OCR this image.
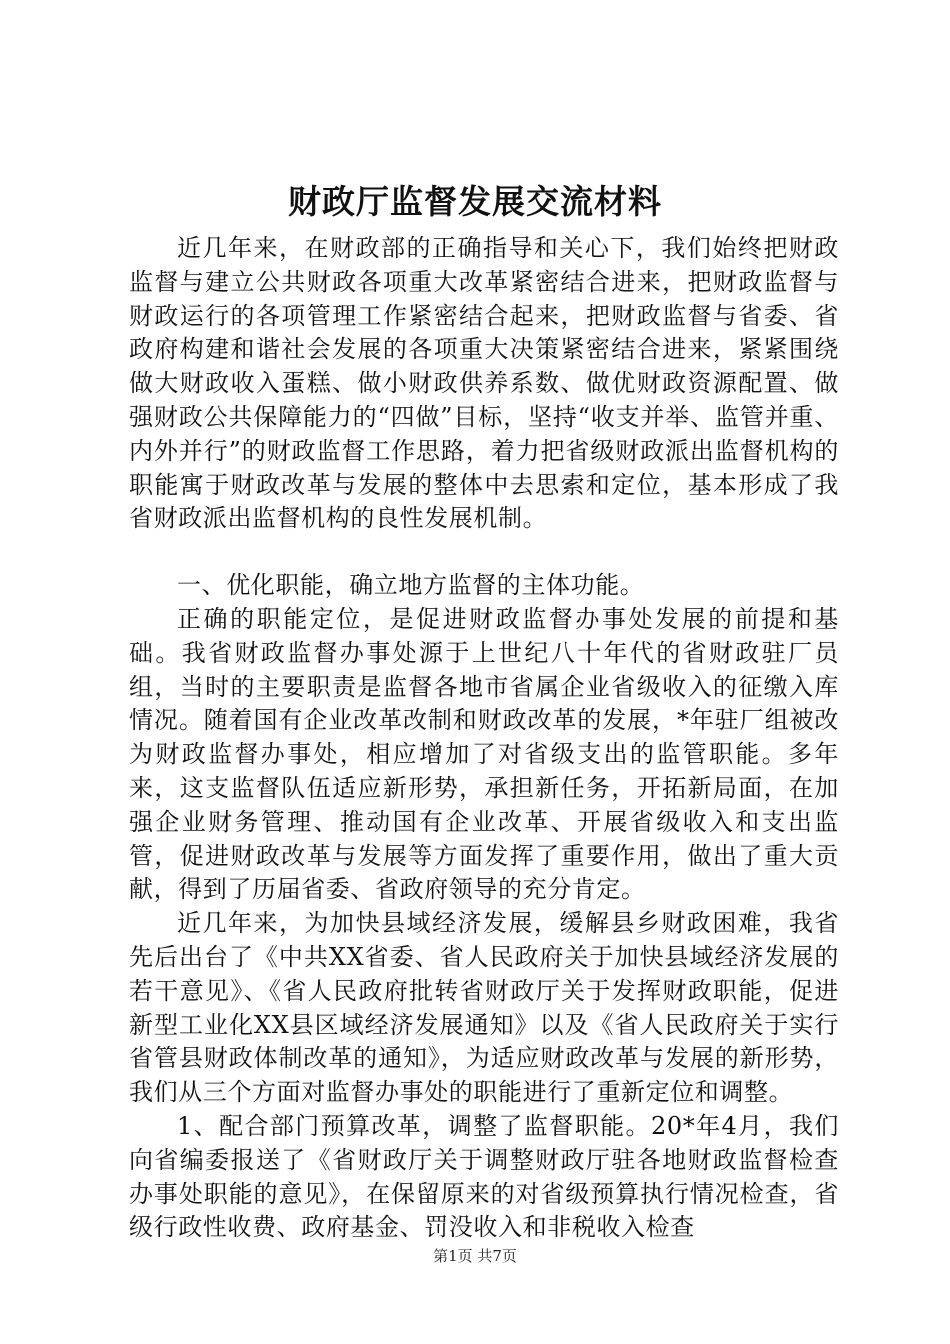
财政厅监督发展交流材料

近几年来，在财政部的正确指导和关心下，我们始终把财政监督与建立公共财政各项重大改革紧密结合进来，把财政监督与财政运行的各项管理工作紧密结合起来，把财政监督与省委、省政府构建和谐社会发展的各项重大决策紧密结合进来，紧紧围绕做大财政收入蛋糕、做小财政供养系数、做优财政资源配置、做强财政公共保障能力的“四做”目标，坚持“收支并举、监管并重、内外并行”的财政监督工作思路，着力把省级财政派出监督机构的职能寓于财政改革与发展的整体中去思索和定位，基本形成了我省财政派出监督机构的良性发展机制。

一、优化职能，确立地方监督的主体功能。

正确的职能定位，是促进财政监督办事处发展的前提和基础。我省财政监督办事处源于上世纪八十年代的省财政驻厂员组，当时的主要职责是监督各地市省属企业省级收入的征缴入库情况。随着国有企业改革改制和财政改革的发展，*年驻厂组被改为财政监督办事处，相应增加了对省级支出的监管职能。多年来，这支监督队伍适应新形势，承担新任务，开拓新局面，在加强企业财务管理、推动国有企业改革、开展省级收入和支出监管，促进财政改革与发展等方面发挥了重要作用，做出了重大贡献，得到了历届省委、省政府领导的充分肯定。

近几年来，为加快县域经济发展，缓解县乡财政困难，我省先后出台了《中共XX省委、省人民政府关于加快县域经济发展的若干意见》、《省人民政府批转省财政厅关于发挥财政职能，促进新型工业化XX县区域经济发展通知》以及《省人民政府关于实行省管县财政体制改革的通知》，为适应财政改革与发展的新形势，我们从三个方面对监督办事处的职能进行了重新定位和调整。

1、配合部门预算改革，调整了监督职能。20*年4月，我们向省编委报送了《省财政厅关于调整财政厅驻各地财政监督检查办事处职能的意见》，在保留原来的对省级预算执行情况检查，省级行政性收费、政府基金、罚没收入和非税收入检查

第1页 共7页
